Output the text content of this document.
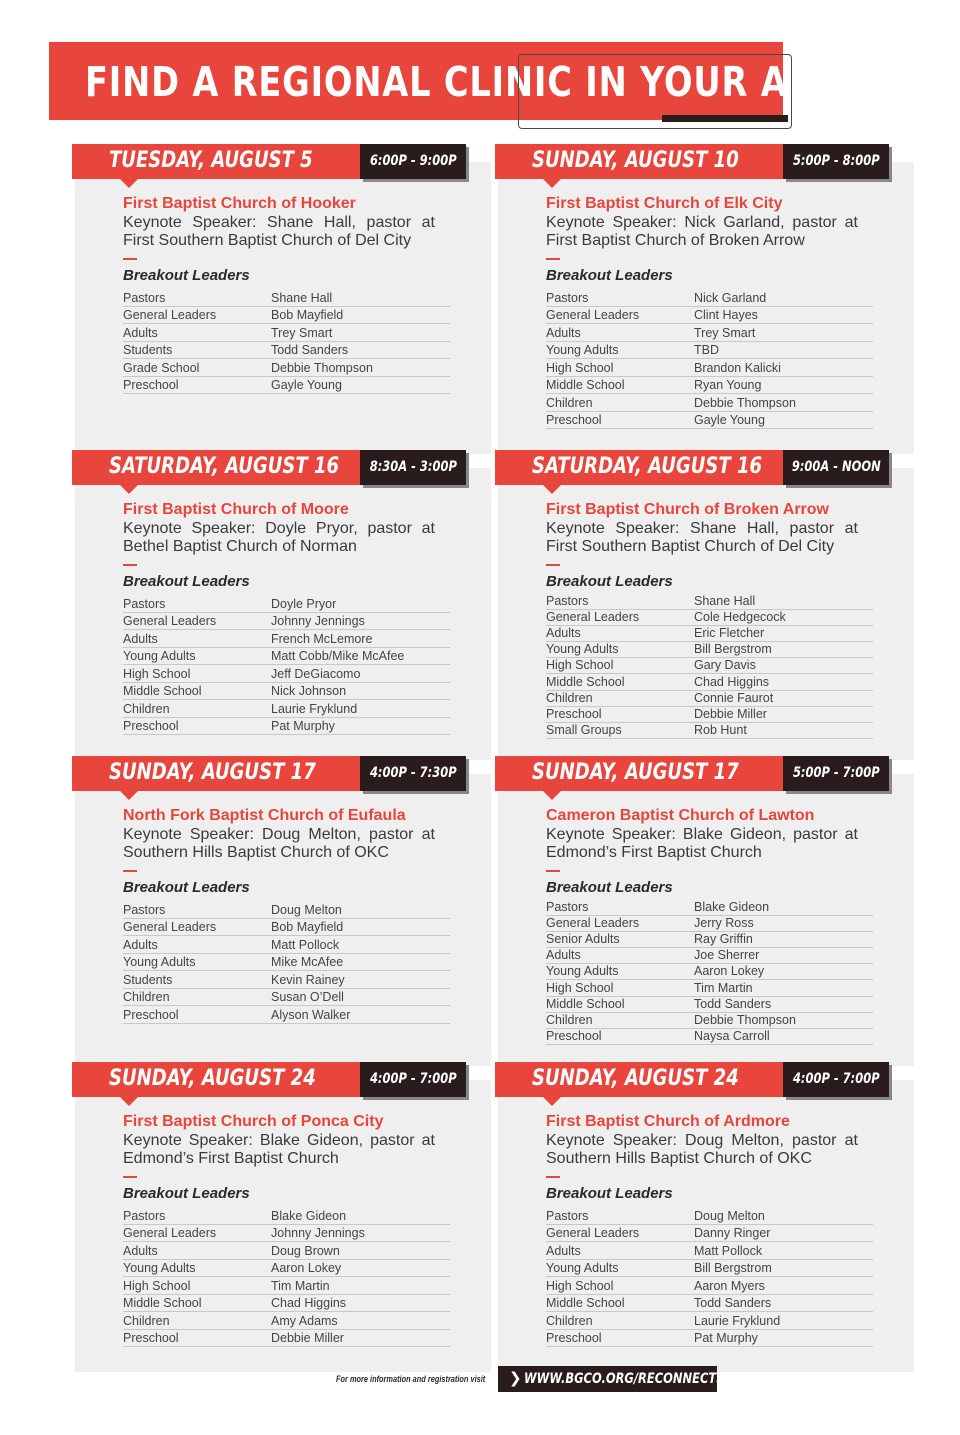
FIND A REGIONAL CLINIC IN YOUR AREA
TUESDAY, AUGUST 5	6:00P - 9:00P
First Baptist Church of Hooker
Keynote Speaker: Shane Hall, pastor at First Southern Baptist Church of Del City
Breakout Leaders
Pastors	Shane Hall
General Leaders	Bob Mayfield
Adults	Trey Smart
Students	Todd Sanders
Grade School	Debbie Thompson
Preschool	Gayle Young
SUNDAY, AUGUST 10	5:00P - 8:00P
First Baptist Church of Elk City
Keynote Speaker: Nick Garland, pastor at First Baptist Church of Broken Arrow
Breakout Leaders
Pastors	Nick Garland
General Leaders	Clint Hayes
Adults	Trey Smart
Young Adults	TBD
High School	Brandon Kalicki
Middle School	Ryan Young
Children	Debbie Thompson
Preschool	Gayle Young
SATURDAY, AUGUST 16	8:30A - 3:00P
First Baptist Church of Moore
Keynote Speaker: Doyle Pryor, pastor at Bethel Baptist Church of Norman
Breakout Leaders
Pastors	Doyle Pryor
General Leaders	Johnny Jennings
Adults	French McLemore
Young Adults	Matt Cobb/Mike McAfee
High School	Jeff DeGiacomo
Middle School	Nick Johnson
Children	Laurie Fryklund
Preschool	Pat Murphy
SATURDAY, AUGUST 16	9:00A - NOON
First Baptist Church of Broken Arrow
Keynote Speaker: Shane Hall, pastor at First Southern Baptist Church of Del City
Breakout Leaders
Pastors	Shane Hall
General Leaders	Cole Hedgecock
Adults	Eric Fletcher
Young Adults	Bill Bergstrom
High School	Gary Davis
Middle School	Chad Higgins
Children	Connie Faurot
Preschool	Debbie Miller
Small Groups	Rob Hunt
SUNDAY, AUGUST 17	4:00P - 7:30P
North Fork Baptist Church of Eufaula
Keynote Speaker: Doug Melton, pastor at Southern Hills Baptist Church of OKC
Breakout Leaders
Pastors	Doug Melton
General Leaders	Bob Mayfield
Adults	Matt Pollock
Young Adults	Mike McAfee
Students	Kevin Rainey
Children	Susan O’Dell
Preschool	Alyson Walker
SUNDAY, AUGUST 17	5:00P - 7:00P
Cameron Baptist Church of Lawton
Keynote Speaker: Blake Gideon, pastor at Edmond’s First Baptist Church
Breakout Leaders
Pastors	Blake Gideon
General Leaders	Jerry Ross
Senior Adults	Ray Griffin
Adults	Joe Sherrer
Young Adults	Aaron Lokey
High School	Tim Martin
Middle School	Todd Sanders
Children	Debbie Thompson
Preschool	Naysa Carroll
SUNDAY, AUGUST 24	4:00P - 7:00P
First Baptist Church of Ponca City
Keynote Speaker: Blake Gideon, pastor at Edmond’s First Baptist Church
Breakout Leaders
Pastors	Blake Gideon
General Leaders	Johnny Jennings
Adults	Doug Brown
Young Adults	Aaron Lokey
High School	Tim Martin
Middle School	Chad Higgins
Children	Amy Adams
Preschool	Debbie Miller
SUNDAY, AUGUST 24	4:00P - 7:00P
First Baptist Church of Ardmore
Keynote Speaker: Doug Melton, pastor at Southern Hills Baptist Church of OKC
Breakout Leaders
Pastors	Doug Melton
General Leaders	Danny Ringer
Adults	Matt Pollock
Young Adults	Bill Bergstrom
High School	Aaron Myers
Middle School	Todd Sanders
Children	Laurie Fryklund
Preschool	Pat Murphy
For more information and registration visit ❯ WWW.BGCO.ORG/RECONNECTSS
